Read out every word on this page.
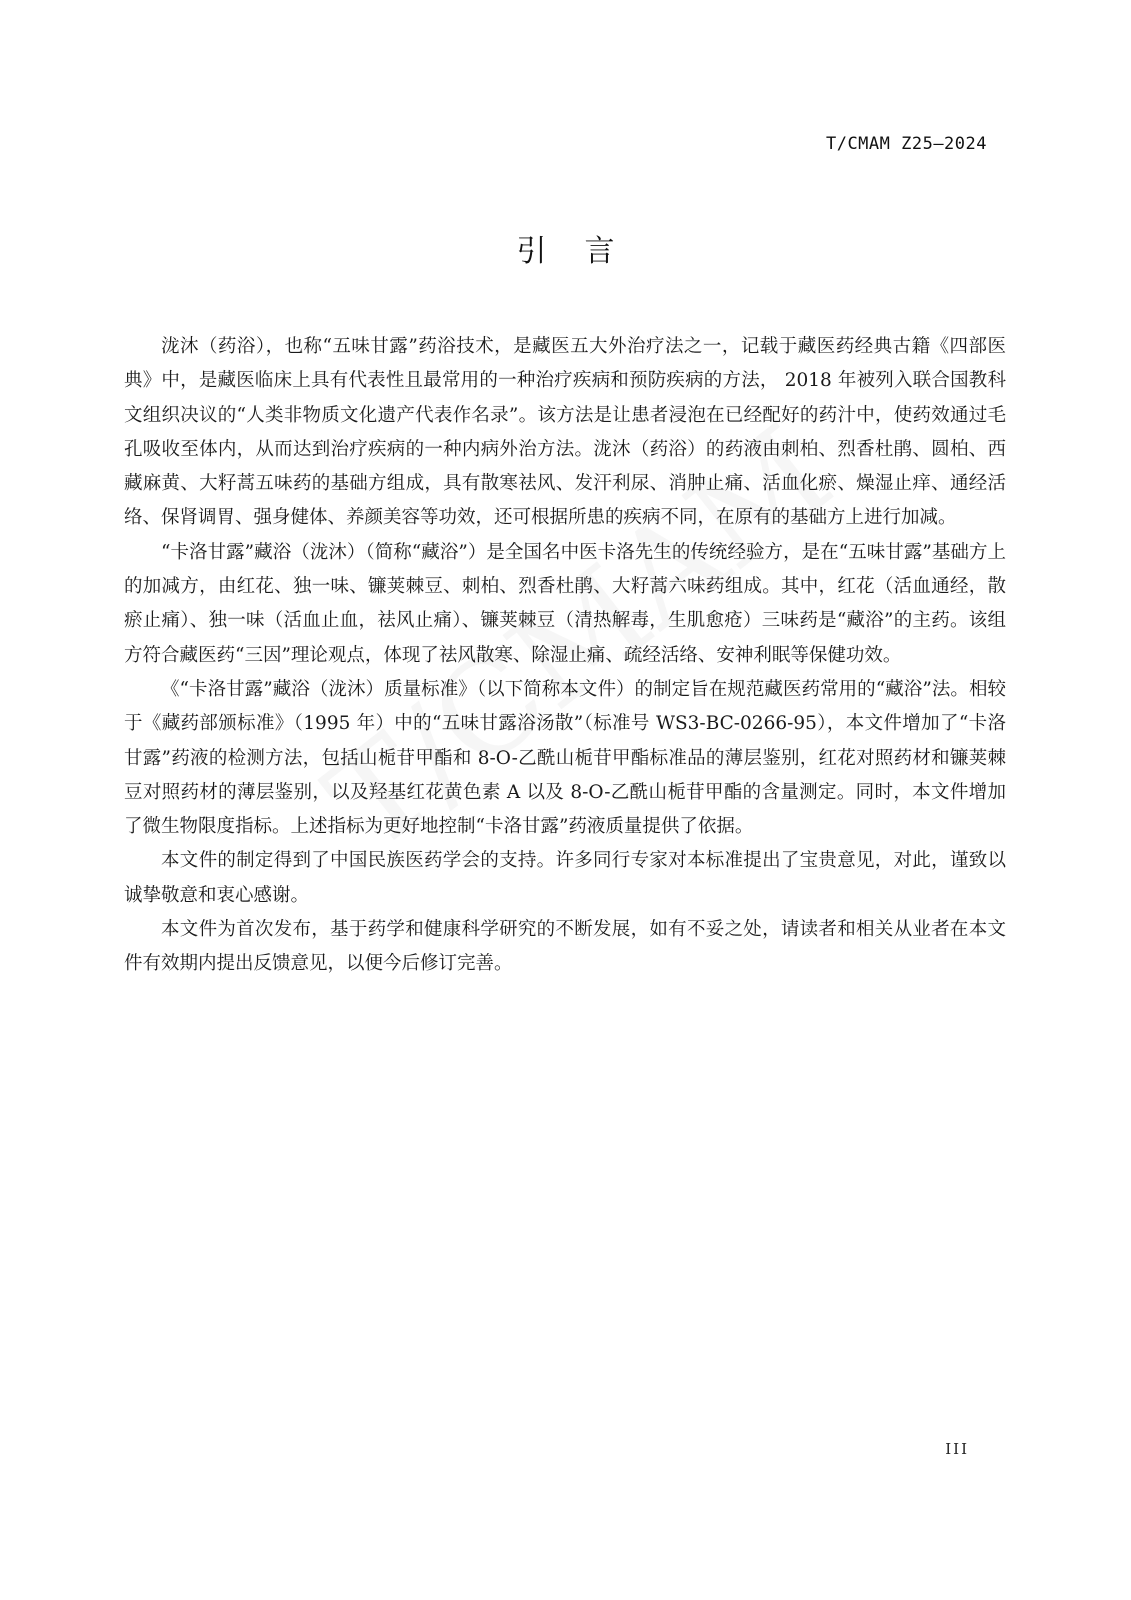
T/CMAM Z25—2024
引言

泷沐（药浴），也称“五味甘露”药浴技术，是藏医五大外治疗法之一，记载于藏医药经典古籍《四部医典》中，是藏医临床上具有代表性且最常用的一种治疗疾病和预防疾病的方法， 2018 年被列入联合国教科文组织决议的“人类非物质文化遗产代表作名录”。该方法是让患者浸泡在已经配好的药汁中，使药效通过毛孔吸收至体内，从而达到治疗疾病的一种内病外治方法。泷沐（药浴）的药液由刺柏、烈香杜鹃、圆柏、西藏麻黄、大籽蒿五味药的基础方组成，具有散寒祛风、发汗利尿、消肿止痛、活血化瘀、燥湿止痒、通经活络、保肾调胃、强身健体、养颜美容等功效，还可根据所患的疾病不同，在原有的基础方上进行加减。

“卡洛甘露”藏浴（泷沐）（简称“藏浴”）是全国名中医卡洛先生的传统经验方，是在“五味甘露”基础方上的加减方，由红花、独一味、镰荚棘豆、刺柏、烈香杜鹃、大籽蒿六味药组成。其中，红花（活血通经，散瘀止痛）、独一味（活血止血，祛风止痛）、镰荚棘豆（清热解毒，生肌愈疮）三味药是“藏浴”的主药。该组方符合藏医药“三因”理论观点，体现了祛风散寒、除湿止痛、疏经活络、安神利眠等保健功效。

《“卡洛甘露”藏浴（泷沐）质量标准》（以下简称本文件）的制定旨在规范藏医药常用的“藏浴”法。相较于《藏药部颁标准》（1995 年）中的“五味甘露浴汤散”（标准号 WS3-BC-0266-95），本文件增加了“卡洛甘露”药液的检测方法，包括山栀苷甲酯和 8-O-乙酰山栀苷甲酯标准品的薄层鉴别，红花对照药材和镰荚棘豆对照药材的薄层鉴别，以及羟基红花黄色素 A 以及 8-O-乙酰山栀苷甲酯的含量测定。同时，本文件增加了微生物限度指标。上述指标为更好地控制“卡洛甘露”药液质量提供了依据。

本文件的制定得到了中国民族医药学会的支持。许多同行专家对本标准提出了宝贵意见，对此，谨致以诚挚敬意和衷心感谢。

本文件为首次发布，基于药学和健康科学研究的不断发展，如有不妥之处，请读者和相关从业者在本文件有效期内提出反馈意见，以便今后修订完善。

III
